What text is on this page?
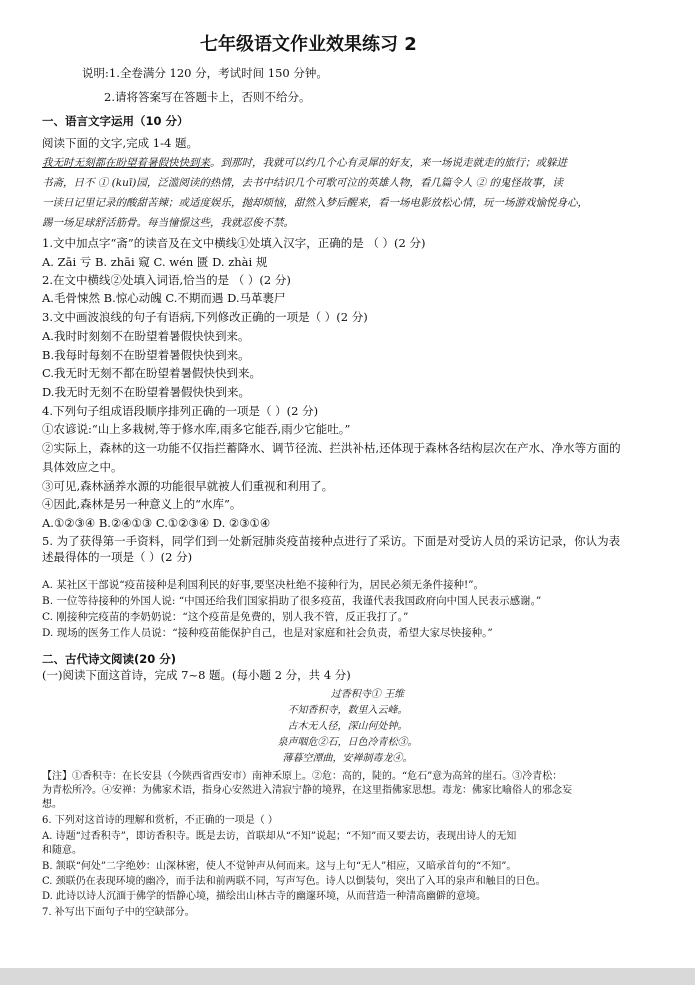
七年级语文作业效果练习 2
说明:1.全卷满分 120 分，考试时间 150 分钟。
2.请将答案写在答题卡上，否则不给分。
一、语言文字运用（10 分）
阅读下面的文字,完成 1-4 题。
我无时无刻都在盼望着暑假快快到来。到那时，我就可以约几个心有灵犀的好友，来一场说走就走的旅行；或躲进
书斋，日不 ① (kuī)园，泛滥阅读的热情，去书中结识几个可歌可泣的英雄人物，看几篇令人 ② 的鬼怪故事，读
一读日记里记录的酸甜苦辣；或适度娱乐，抛却烦恼，甜然入梦后醒来，看一场电影放松心情，玩一场游戏愉悦身心，
踢一场足球舒活筋骨。每当憧憬这些，我就忍俊不禁。
1.文中加点字“斋”的读音及在文中横线①处填入汉字，正确的是 （ ）(2 分)
A. Zāi 亏 B. zhāi 窥 C. wén 匮 D. zhài 规
2.在文中横线②处填入词语,恰当的是 （ ）(2 分)
A.毛骨悚然 B.惊心动魄 C.不期而遇 D.马革裹尸
3.文中画波浪线的句子有语病,下列修改正确的一项是（ ）(2 分)
A.我时时刻刻不在盼望着暑假快快到来。
B.我每时每刻不在盼望着暑假快快到来。
C.我无时无刻不都在盼望着暑假快快到来。
D.我无时无刻不在盼望着暑假快快到来。
4.下列句子组成语段顺序排列正确的一项是（ ）(2 分)
①农谚说:“山上多栽树,等于修水库,雨多它能吞,雨少它能吐。”
②实际上，森林的这一功能不仅指拦蓄降水、调节径流、拦洪补枯,还体现于森林各结构层次在产水、净水等方面的
具体效应之中。
③可见,森林涵养水源的功能很早就被人们重视和利用了。
④因此,森林是另一种意义上的“水库”。
A.①②③④ B.②④①③ C.①②③④ D. ②③①④
5. 为了获得第一手资料，同学们到一处新冠肺炎疫苗接种点进行了采访。下面是对受访人员的采访记录，你认为表
述最得体的一项是（ ）(2 分)
A. 某社区干部说“疫苗接种是利国利民的好事,要坚决杜绝不接种行为，居民必须无条件接种!”。
B. 一位等待接种的外国人说: “中国还给我们国家捐助了很多疫苗，我谨代表我国政府向中国人民表示感谢。”
C. 刚接种完疫苗的李奶奶说：“这个疫苗是免费的，别人我不管，反正我打了。”
D. 现场的医务工作人员说：“接种疫苗能保护自己，也是对家庭和社会负责，希望大家尽快接种。”
二、古代诗文阅读(20 分)
(一)阅读下面这首诗，完成 7~8 题。(每小题 2 分，共 4 分)
过香积寺① 王维
不知香积寺，数里入云峰。
古木无人径，深山何处钟。
泉声咽危②石，日色冷青松③。
薄暮空潭曲，安禅制毒龙④。
【注】①香积寺：在长安县（今陕西省西安市）南神禾原上。②危：高的，陡的。“危石”意为高耸的崖石。③冷青松：
为青松所冷。④安禅：为佛家术语，指身心安然进入清寂宁静的境界，在这里指佛家思想。毒龙：佛家比喻俗人的邪念妄
想。
6. 下列对这首诗的理解和赏析，不正确的一项是（ ）
A. 诗题“过香积寺”，即访香积寺。既是去访，首联却从“不知”说起；“不知”而又要去访，表现出诗人的无知
和随意。
B. 颔联“何处”二字绝妙：山深林密，使人不觉钟声从何而来。这与上句“无人”相应，又暗承首句的“不知”。
C. 颈联仍在表现环境的幽冷，而手法和前两联不同，写声写色。诗人以倒装句，突出了入耳的泉声和触目的日色。
D. 此诗以诗人沉湎于佛学的悟静心境，描绘出山林古寺的幽邃环境，从而营造一种清高幽僻的意境。
7. 补写出下面句子中的空缺部分。
